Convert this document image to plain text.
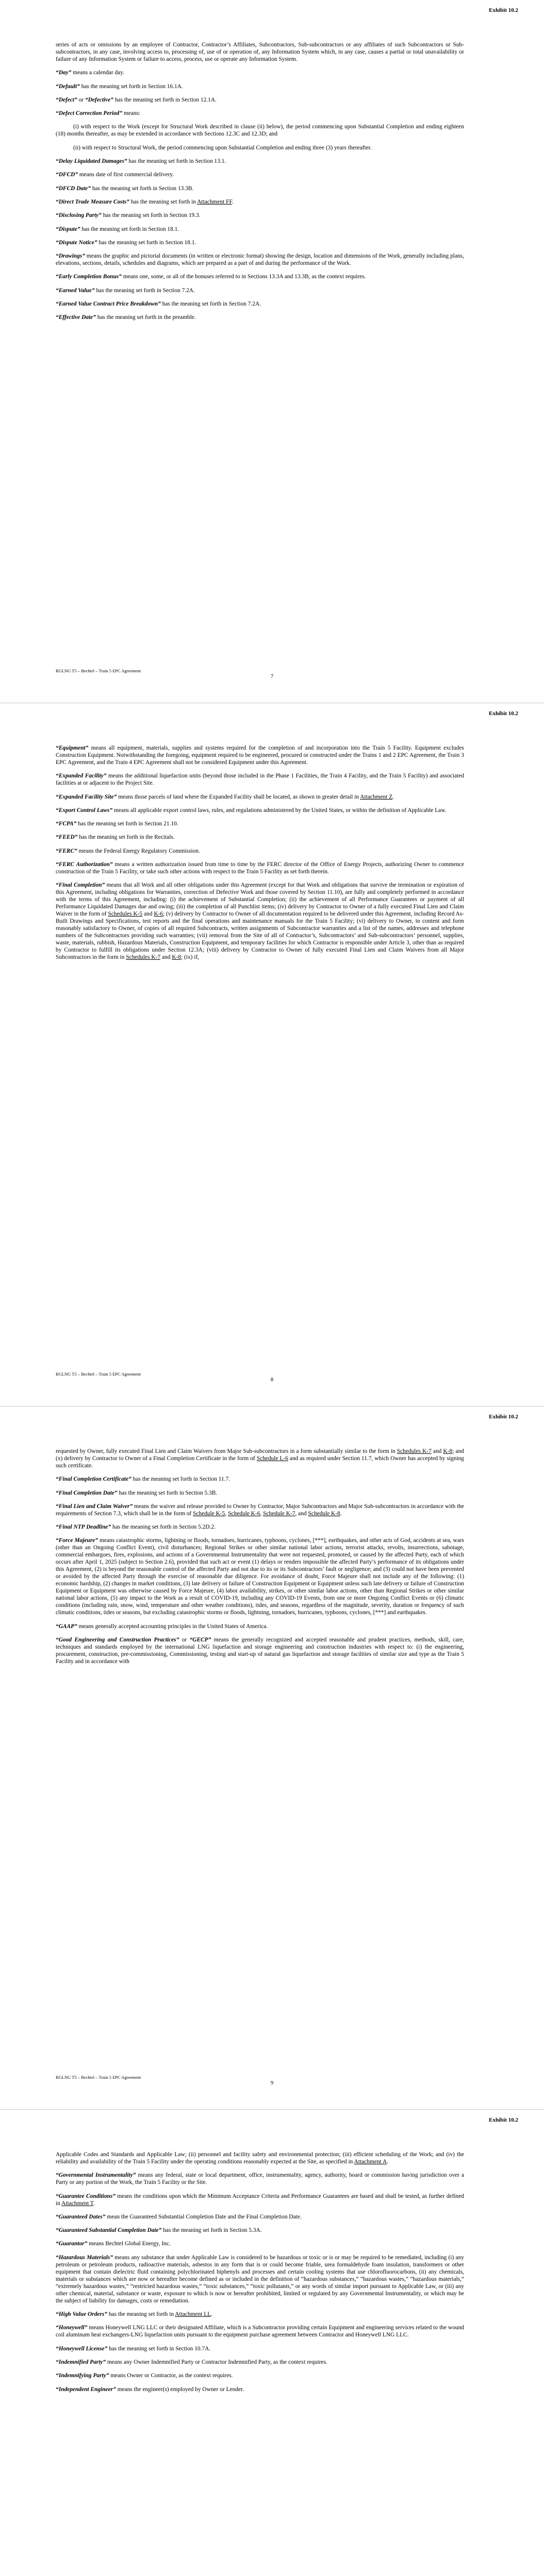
Exhibit 10.2

series of acts or omissions by an employee of Contractor, Contractor’s Affiliates, Subcontractors, Sub-subcontractors or any affiliates of such Subcontractors or Sub-subcontractors, in any case, involving access to, processing of, use of or operation of, any Information System which, in any case, causes a partial or total unavailability or failure of any Information System or failure to access, process, use or operate any Information System.

“Day” means a calendar day.

“Default” has the meaning set forth in Section 16.1A.

“Defect” or “Defective” has the meaning set forth in Section 12.1A.

“Defect Correction Period” means:

(i) with respect to the Work (except for Structural Work described in clause (ii) below), the period commencing upon Substantial Completion and ending eighteen (18) months thereafter, as may be extended in accordance with Sections 12.3C and 12.3D; and

(ii) with respect to Structural Work, the period commencing upon Substantial Completion and ending three (3) years thereafter.

“Delay Liquidated Damages” has the meaning set forth in Section 13.1.

“DFCD” means date of first commercial delivery.

“DFCD Date” has the meaning set forth in Section 13.3B.

“Direct Trade Measure Costs” has the meaning set forth in Attachment FF.

“Disclosing Party” has the meaning set forth in Section 19.3.

“Dispute” has the meaning set forth in Section 18.1.

“Dispute Notice” has the meaning set forth in Section 18.1.

“Drawings” means the graphic and pictorial documents (in written or electronic format) showing the design, location and dimensions of the Work, generally including plans, elevations, sections, details, schedules and diagrams, which are prepared as a part of and during the performance of the Work.

“Early Completion Bonus” means one, some, or all of the bonuses referred to in Sections 13.3A and 13.3B, as the context requires.

“Earned Value” has the meaning set forth in Section 7.2A.

“Earned Value Contract Price Breakdown” has the meaning set forth in Section 7.2A.

“Effective Date” has the meaning set forth in the preamble.

RGLNG T5 – Bechtel – Train 5 EPC Agreement
7
Exhibit 10.2

“Equipment” means all equipment, materials, supplies and systems required for the completion of and incorporation into the Train 5 Facility. Equipment excludes Construction Equipment. Notwithstanding the foregoing, equipment required to be engineered, procured or constructed under the Trains 1 and 2 EPC Agreement, the Train 3 EPC Agreement, and the Train 4 EPC Agreement shall not be considered Equipment under this Agreement.

“Expanded Facility” means the additional liquefaction units (beyond those included in the Phase 1 Facilities, the Train 4 Facility, and the Train 5 Facility) and associated facilities at or adjacent to the Project Site.

“Expanded Facility Site” means those parcels of land where the Expanded Facility shall be located, as shown in greater detail in Attachment Z.

“Export Control Laws” means all applicable export control laws, rules, and regulations administered by the United States, or within the definition of Applicable Law.

“FCPA” has the meaning set forth in Section 21.10.

“FEED” has the meaning set forth in the Recitals.

“FERC” means the Federal Energy Regulatory Commission.

“FERC Authorization” means a written authorization issued from time to time by the FERC director of the Office of Energy Projects, authorizing Owner to commence construction of the Train 5 Facility, or take such other actions with respect to the Train 5 Facility as set forth therein.

“Final Completion” means that all Work and all other obligations under this Agreement (except for that Work and obligations that survive the termination or expiration of this Agreement, including obligations for Warranties, correction of Defective Work and those covered by Section 11.10), are fully and completely performed in accordance with the terms of this Agreement, including: (i) the achievement of Substantial Completion; (ii) the achievement of all Performance Guarantees or payment of all Performance Liquidated Damages due and owing; (iii) the completion of all Punchlist items; (iv) delivery by Contractor to Owner of a fully executed Final Lien and Claim Waiver in the form of Schedules K-5 and K-6; (v) delivery by Contractor to Owner of all documentation required to be delivered under this Agreement, including Record As-Built Drawings and Specifications, test reports and the final operations and maintenance manuals for the Train 5 Facility; (vi) delivery to Owner, in content and form reasonably satisfactory to Owner, of copies of all required Subcontracts, written assignments of Subcontractor warranties and a list of the names, addresses and telephone numbers of the Subcontractors providing such warranties; (vii) removal from the Site of all of Contractor’s, Subcontractors’ and Sub-subcontractors’ personnel, supplies, waste, materials, rubbish, Hazardous Materials, Construction Equipment, and temporary facilities for which Contractor is responsible under Article 3, other than as required by Contractor to fulfill its obligations under Section 12.3A; (viii) delivery by Contractor to Owner of fully executed Final Lien and Claim Waivers from all Major Subcontractors in the form in Schedules K-7 and K-8; (ix) if,

RGLNG T5 – Bechtel – Train 5 EPC Agreement
8
Exhibit 10.2

requested by Owner, fully executed Final Lien and Claim Waivers from Major Sub-subcontractors in a form substantially similar to the form in Schedules K-7 and K-8; and (x) delivery by Contractor to Owner of a Final Completion Certificate in the form of Schedule L-6 and as required under Section 11.7, which Owner has accepted by signing such certificate.

“Final Completion Certificate” has the meaning set forth in Section 11.7.

“Final Completion Date” has the meaning set forth in Section 5.3B.

“Final Lien and Claim Waiver” means the waiver and release provided to Owner by Contractor, Major Subcontractors and Major Sub-subcontractors in accordance with the requirements of Section 7.3, which shall be in the form of Schedule K-5, Schedule K-6, Schedule K-7, and Schedule K-8.

“Final NTP Deadline” has the meaning set forth in Section 5.2D.2.

“Force Majeure” means catastrophic storms, lightning or floods, tornadoes, hurricanes, typhoons, cyclones, [***], earthquakes, and other acts of God, accidents at sea, wars (other than an Ongoing Conflict Event), civil disturbances; Regional Strikes or other similar national labor actions, terrorist attacks, revolts, insurrections, sabotage, commercial embargoes, fires, explosions, and actions of a Governmental Instrumentality that were not requested, promoted, or caused by the affected Party, each of which occurs after April 1, 2025 (subject to Section 2.6), provided that such act or event (1) delays or renders impossible the affected Party’s performance of its obligations under this Agreement, (2) is beyond the reasonable control of the affected Party and not due to its or its Subcontractors’ fault or negligence; and (3) could not have been prevented or avoided by the affected Party through the exercise of reasonable due diligence. For avoidance of doubt, Force Majeure shall not include any of the following: (1) economic hardship, (2) changes in market conditions, (3) late delivery or failure of Construction Equipment or Equipment unless such late delivery or failure of Construction Equipment or Equipment was otherwise caused by Force Majeure, (4) labor availability, strikes, or other similar labor actions, other than Regional Strikes or other similar national labor actions, (5) any impact to the Work as a result of COVID-19, including any COVID-19 Events, from one or more Ongoing Conflict Events or (6) climatic conditions (including rain, snow, wind, temperature and other weather conditions), tides, and seasons, regardless of the magnitude, severity, duration or frequency of such climatic conditions, tides or seasons, but excluding catastrophic storms or floods, lightning, tornadoes, hurricanes, typhoons, cyclones, [***] and earthquakes.

“GAAP” means generally accepted accounting principles in the United States of America.

“Good Engineering and Construction Practices” or “GECP” means the generally recognized and accepted reasonable and prudent practices, methods, skill, care, techniques and standards employed by the international LNG liquefaction and storage engineering and construction industries with respect to: (i) the engineering, procurement, construction, pre-commissioning, Commissioning, testing and start-up of natural gas liquefaction and storage facilities of similar size and type as the Train 5 Facility and in accordance with

RGLNG T5 – Bechtel – Train 5 EPC Agreement
9
Exhibit 10.2

Applicable Codes and Standards and Applicable Law; (ii) personnel and facility safety and environmental protection; (iii) efficient scheduling of the Work; and (iv) the reliability and availability of the Train 5 Facility under the operating conditions reasonably expected at the Site, as specified in Attachment A.

“Governmental Instrumentality” means any federal, state or local department, office, instrumentality, agency, authority, board or commission having jurisdiction over a Party or any portion of the Work, the Train 5 Facility or the Site.

“Guarantee Conditions” means the conditions upon which the Minimum Acceptance Criteria and Performance Guarantees are based and shall be tested, as further defined in Attachment T.

“Guaranteed Dates” mean the Guaranteed Substantial Completion Date and the Final Completion Date.

“Guaranteed Substantial Completion Date” has the meaning set forth in Section 5.3A.

“Guarantor” means Bechtel Global Energy, Inc.

“Hazardous Materials” means any substance that under Applicable Law is considered to be hazardous or toxic or is or may be required to be remediated, including (i) any petroleum or petroleum products, radioactive materials, asbestos in any form that is or could become friable, urea formaldehyde foam insulation, transformers or other equipment that contain dielectric fluid containing polychlorinated biphenyls and processes and certain cooling systems that use chlorofluorocarbons, (ii) any chemicals, materials or substances which are now or hereafter become defined as or included in the definition of “hazardous substances,” “hazardous wastes,” “hazardous materials,” “extremely hazardous wastes,” “restricted hazardous wastes,” “toxic substances,” “toxic pollutants,” or any words of similar import pursuant to Applicable Law, or (iii) any other chemical, material, substance or waste, exposure to which is now or hereafter prohibited, limited or regulated by any Governmental Instrumentality, or which may be the subject of liability for damages, costs or remediation.

“High Value Orders” has the meaning set forth in Attachment LL.

“Honeywell” means Honeywell LNG LLC or their designated Affiliate, which is a Subcontractor providing certain Equipment and engineering services related to the wound coil aluminum heat exchangers-LNG liquefaction units pursuant to the equipment purchase agreement between Contractor and Honeywell LNG LLC.

“Honeywell License” has the meaning set forth in Section 10.7A.

“Indemnified Party” means any Owner Indemnified Party or Contractor Indemnified Party, as the context requires.

“Indemnifying Party” means Owner or Contractor, as the context requires.

“Independent Engineer” means the engineer(s) employed by Owner or Lender.
